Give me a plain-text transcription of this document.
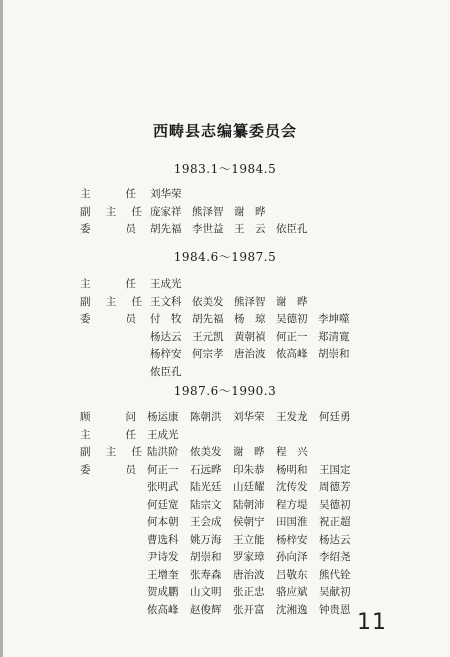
西畴县志编纂委员会
1983.1～1984.5
主	任 刘华荣
副 主 任 庞家祥 熊泽智 谢　晔
委	员 胡先福 李世益 王　云 依臣孔
1984.6～1987.5
主	任 王成光
副 主 任 王文科 依美发 熊泽智 谢　晔
委	员 付　牧 胡先福 杨　琼 吴德初 李坤噬
杨达云 王元凯 黄朝禎 何正一 郑清寛
杨梓安 何宗孝 唐治波 侬高峰 胡崇和
侬臣孔
1987.6～1990.3
顾	问 杨运康 陈朝洪 刘华荣 王发龙 何廷勇
主	任 王成光
副 主 任 陆洪阶 侬美发 谢　晔 程　兴
委	员 何正一 石远晔 印朱恭 杨明和 王国定
张明武 陆光廷 山廷耀 沈传发 周德芳
何廷宽 陆宗文 陆朝沛 程方堤 吴德初
何本朝 王会成 侯朝宁 田国淮 祝正超
曹选科 姚万海 王立能 杨梓安 杨达云
尹诗发 胡崇和 罗家璋 孙向泽 李绍尧
王增奎 张寿森 唐治波 吕敬东 熊代铨
贺成鹏 山文明 张正忠 骆应斌 吴献初
侬高峰 赵俊辉 张开富 沈湘逸 钟贵恩
11
